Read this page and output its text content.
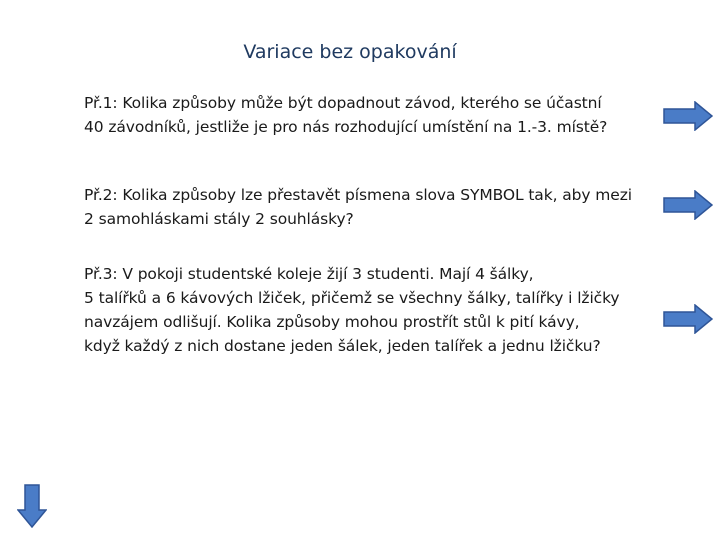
Variace bez opakování
Př.1: Kolika způsoby může být dopadnout závod, kterého se účastní
40 závodníků, jestliže je pro nás rozhodující umístění na 1.-3. místě?
Př.2: Kolika způsoby lze přestavět písmena slova SYMBOL tak, aby mezi
2 samohláskami stály 2 souhlásky?
Př.3: V pokoji studentské koleje žijí 3 studenti. Mají 4 šálky,
5 talířků a 6 kávových lžiček, přičemž se všechny šálky, talířky i lžičky
navzájem odlišují. Kolika způsoby mohou prostřít stůl k pití kávy,
když každý z nich dostane jeden šálek, jeden talířek a jednu lžičku?
